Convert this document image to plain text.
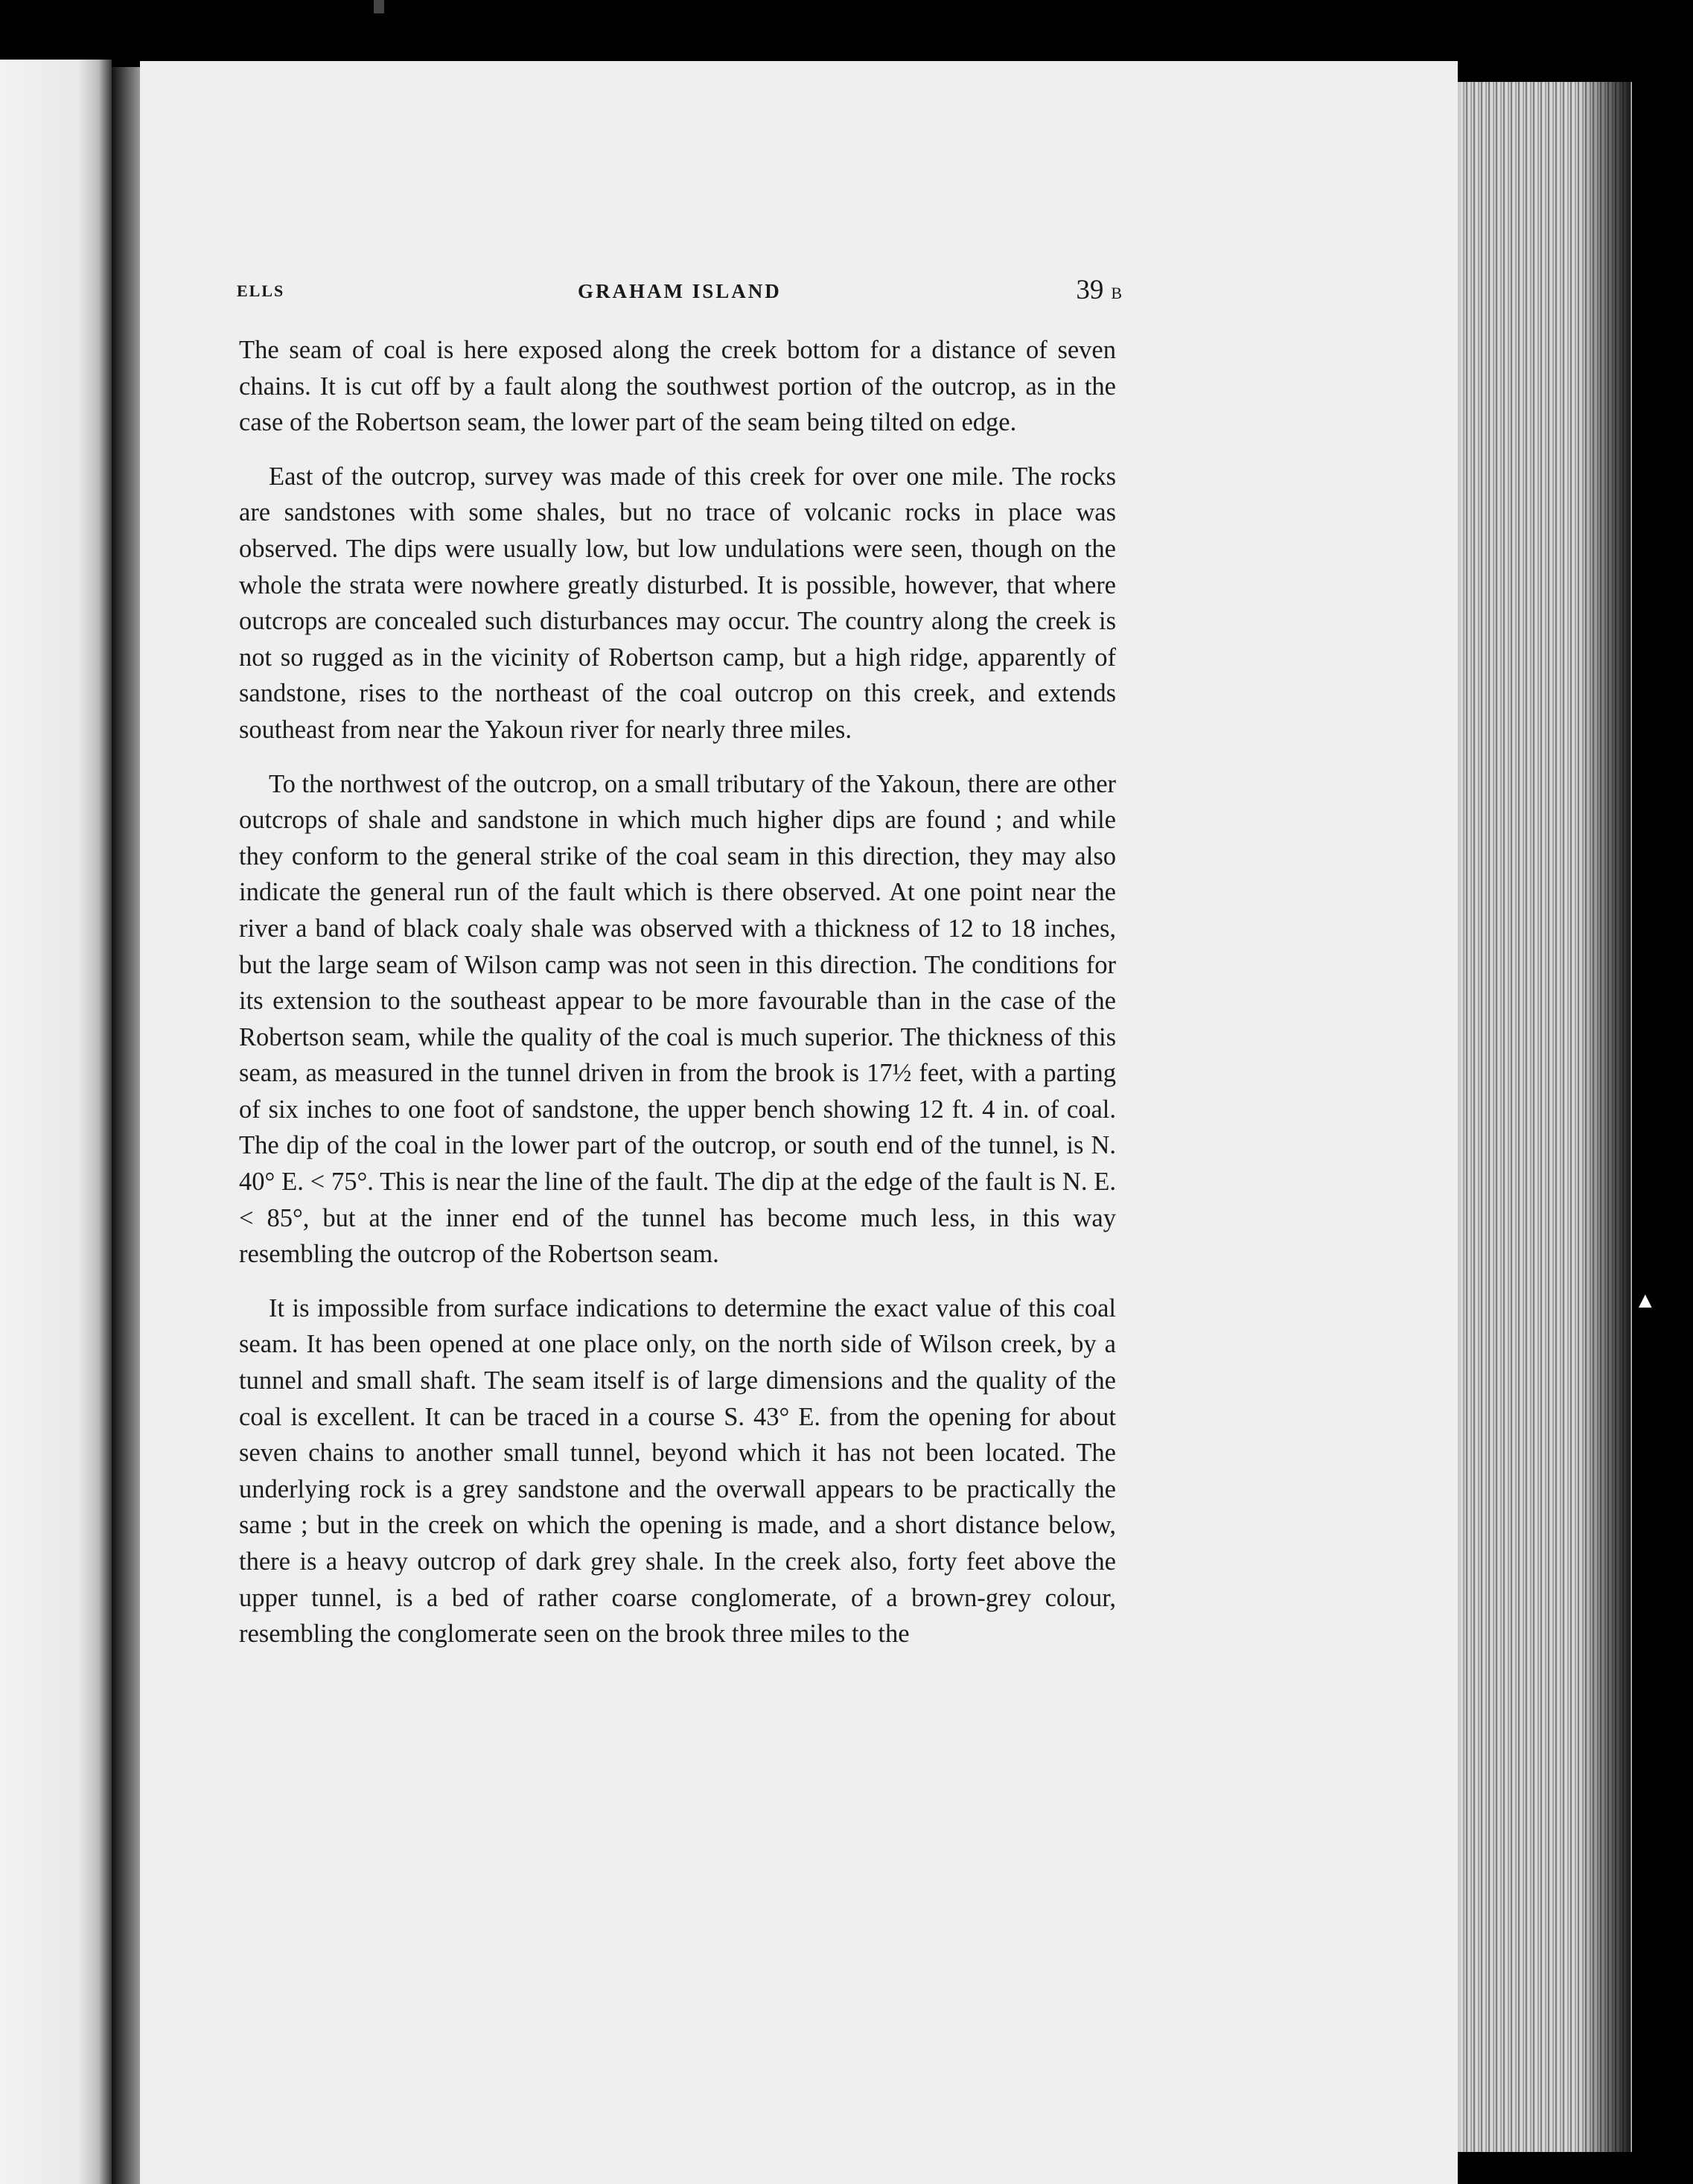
ELLS	GRAHAM ISLAND	39 B

The seam of coal is here exposed along the creek bottom for a distance of seven chains. It is cut off by a fault along the southwest portion of the outcrop, as in the case of the Robertson seam, the lower part of the seam being tilted on edge.

East of the outcrop, survey was made of this creek for over one mile. The rocks are sandstones with some shales, but no trace of volcanic rocks in place was observed. The dips were usually low, but low undulations were seen, though on the whole the strata were nowhere greatly disturbed. It is possible, however, that where outcrops are concealed such disturbances may occur. The country along the creek is not so rugged as in the vicinity of Robertson camp, but a high ridge, apparently of sandstone, rises to the northeast of the coal outcrop on this creek, and extends southeast from near the Yakoun river for nearly three miles.

To the northwest of the outcrop, on a small tributary of the Yakoun, there are other outcrops of shale and sandstone in which much higher dips are found ; and while they conform to the general strike of the coal seam in this direction, they may also indicate the general run of the fault which is there observed. At one point near the river a band of black coaly shale was observed with a thickness of 12 to 18 inches, but the large seam of Wilson camp was not seen in this direction. The conditions for its extension to the southeast appear to be more favourable than in the case of the Robertson seam, while the quality of the coal is much superior. The thickness of this seam, as measured in the tunnel driven in from the brook is 17½ feet, with a parting of six inches to one foot of sandstone, the upper bench showing 12 ft. 4 in. of coal. The dip of the coal in the lower part of the outcrop, or south end of the tunnel, is N. 40° E. < 75°. This is near the line of the fault. The dip at the edge of the fault is N. E. < 85°, but at the inner end of the tunnel has become much less, in this way resembling the outcrop of the Robertson seam.

It is impossible from surface indications to determine the exact value of this coal seam. It has been opened at one place only, on the north side of Wilson creek, by a tunnel and small shaft. The seam itself is of large dimensions and the quality of the coal is excellent. It can be traced in a course S. 43° E. from the opening for about seven chains to another small tunnel, beyond which it has not been located. The underlying rock is a grey sandstone and the overwall appears to be practically the same ; but in the creek on which the opening is made, and a short distance below, there is a heavy outcrop of dark grey shale. In the creek also, forty feet above the upper tunnel, is a bed of rather coarse conglomerate, of a brown-grey colour, resembling the conglomerate seen on the brook three miles to the

▲
